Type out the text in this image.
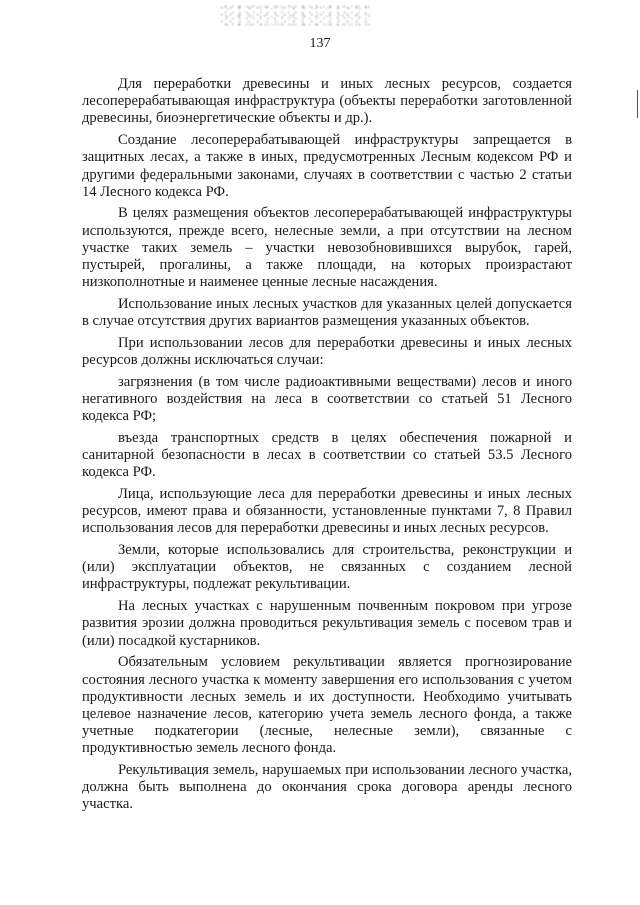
137

Для переработки древесины и иных лесных ресурсов, создается лесоперерабатывающая инфраструктура (объекты переработки заготовленной древесины, биоэнергетические объекты и др.).

Создание лесоперерабатывающей инфраструктуры запрещается в защитных лесах, а также в иных, предусмотренных Лесным кодексом РФ и другими федеральными законами, случаях в соответствии с частью 2 статьи 14 Лесного кодекса РФ.

В целях размещения объектов лесоперерабатывающей инфраструктуры используются, прежде всего, нелесные земли, а при отсутствии на лесном участке таких земель – участки невозобновившихся вырубок, гарей, пустырей, прогалины, а также площади, на которых произрастают низкополнотные и наименее ценные лесные насаждения.

Использование иных лесных участков для указанных целей допускается в случае отсутствия других вариантов размещения указанных объектов.

При использовании лесов для переработки древесины и иных лесных ресурсов должны исключаться случаи:

загрязнения (в том числе радиоактивными веществами) лесов и иного негативного воздействия на леса в соответствии со статьей 51 Лесного кодекса РФ;

въезда транспортных средств в целях обеспечения пожарной и санитарной безопасности в лесах в соответствии со статьей 53.5 Лесного кодекса РФ.

Лица, использующие леса для переработки древесины и иных лесных ресурсов, имеют права и обязанности, установленные пунктами 7, 8 Правил использования лесов для переработки древесины и иных лесных ресурсов.

Земли, которые использовались для строительства, реконструкции и (или) эксплуатации объектов, не связанных с созданием лесной инфраструктуры, подлежат рекультивации.

На лесных участках с нарушенным почвенным покровом при угрозе развития эрозии должна проводиться рекультивация земель с посевом трав и (или) посадкой кустарников.

Обязательным условием рекультивации является прогнозирование состояния лесного участка к моменту завершения его использования с учетом продуктивности лесных земель и их доступности. Необходимо учитывать целевое назначение лесов, категорию учета земель лесного фонда, а также учетные подкатегории (лесные, нелесные земли), связанные с продуктивностью земель лесного фонда.

Рекультивация земель, нарушаемых при использовании лесного участка, должна быть выполнена до окончания срока договора аренды лесного участка.
